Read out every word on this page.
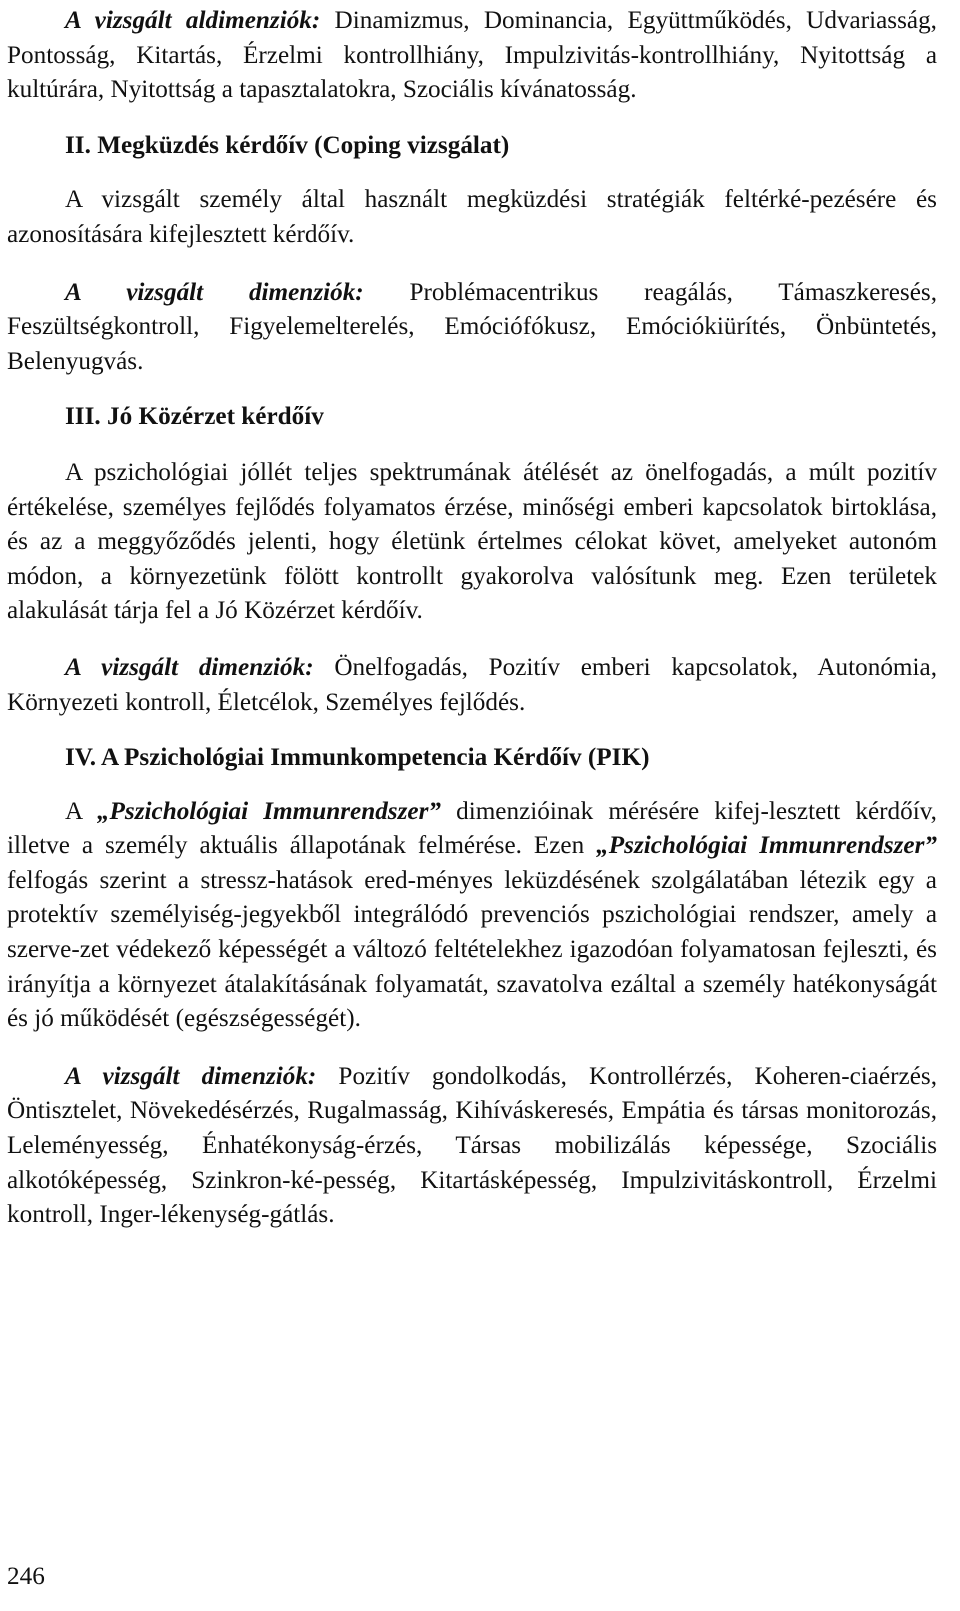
A vizsgált aldimenziók: Dinamizmus, Dominancia, Együttműködés, Udvariasság, Pontosság, Kitartás, Érzelmi kontrollhiány, Impulzivitás-kontrollhiány, Nyitottság a kultúrára, Nyitottság a tapasztalatokra, Szociális kívánatosság.

II. Megküzdés kérdőív (Coping vizsgálat)

A vizsgált személy által használt megküzdési stratégiák feltérké-pezésére és azonosítására kifejlesztett kérdőív.

A vizsgált dimenziók: Problémacentrikus reagálás, Támaszkeresés, Feszültségkontroll, Figyelemelterelés, Emóciófókusz, Emóciókiürítés, Önbüntetés, Belenyugvás.

III. Jó Közérzet kérdőív

A pszichológiai jóllét teljes spektrumának átélését az önelfogadás, a múlt pozitív értékelése, személyes fejlődés folyamatos érzése, minőségi emberi kapcsolatok birtoklása, és az a meggyőződés jelenti, hogy életünk értelmes célokat követ, amelyeket autonóm módon, a környezetünk fölött kontrollt gyakorolva valósítunk meg. Ezen területek alakulását tárja fel a Jó Közérzet kérdőív.

A vizsgált dimenziók: Önelfogadás, Pozitív emberi kapcsolatok, Autonómia, Környezeti kontroll, Életcélok, Személyes fejlődés.

IV. A Pszichológiai Immunkompetencia Kérdőív (PIK)

A „Pszichológiai Immunrendszer” dimenzióinak mérésére kifej-lesztett kérdőív, illetve a személy aktuális állapotának felmérése. Ezen „Pszichológiai Immunrendszer” felfogás szerint a stressz-hatások ered-ményes leküzdésének szolgálatában létezik egy a protektív személyiség-jegyekből integrálódó prevenciós pszichológiai rendszer, amely a szerve-zet védekező képességét a változó feltételekhez igazodóan folyamatosan fejleszti, és irányítja a környezet átalakításának folyamatát, szavatolva ezáltal a személy hatékonyságát és jó működését (egészségességét).

A vizsgált dimenziók: Pozitív gondolkodás, Kontrollérzés, Koheren-ciaérzés, Öntisztelet, Növekedésérzés, Rugalmasság, Kihíváskeresés, Empátia és társas monitorozás, Leleményesség, Énhatékonyság-érzés, Társas mobilizálás képessége, Szociális alkotóképesség, Szinkron-ké-pesség, Kitartásképesség, Impulzivitáskontroll, Érzelmi kontroll, Inger-lékenység-gátlás.

246
